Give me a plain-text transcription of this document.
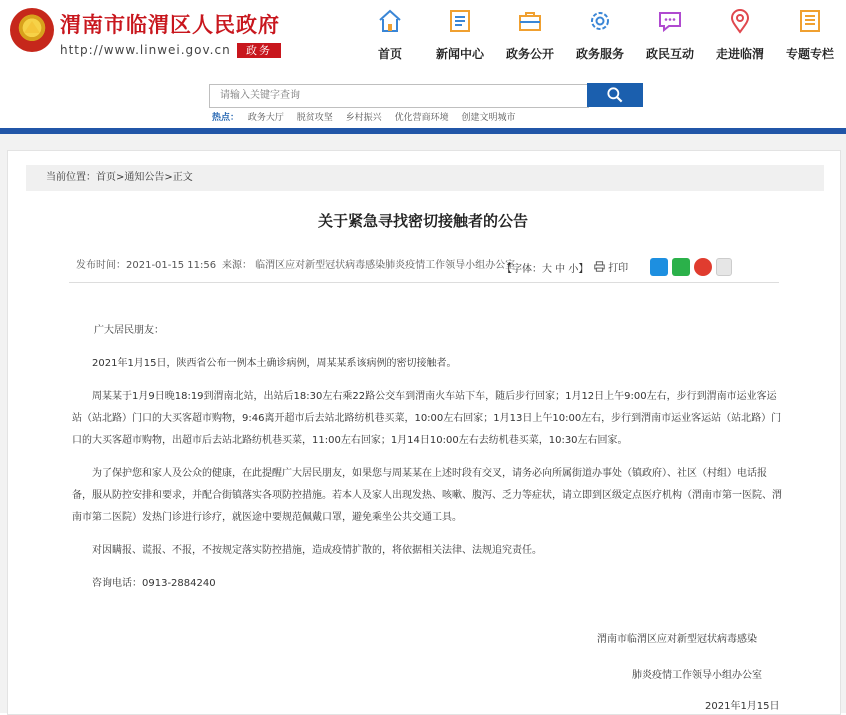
渭南市临渭区人民政府
http://www.linwei.gov.cn	政务	首页	新闻中心	政务公开	政务服务	政民互动	走进临渭	专题专栏
请输入关键字查询
热点： 政务大厅 脱贫攻坚 乡村振兴 优化营商环境 创建文明城市
当前位置：首页>通知公告>正文
关于紧急寻找密切接触者的公告
发布时间：2021-01-15 11:56 来源： 临渭区应对新型冠状病毒感染肺炎疫情工作领导小组办公室
【字体：大 中 小】	打印

广大居民朋友：

　　2021年1月15日，陕西省公布一例本土确诊病例，周某某系该病例的密切接触者。

　　周某某于1月9日晚18:19到渭南北站，出站后18:30左右乘22路公交车到渭南火车站下车，随后步行回家；1月12日上午9:00左右，步行到渭南市运业客运站（站北路）门口的大买客超市购物，9:46离开超市后去站北路纺机巷买菜，10:00左右回家；1月13日上午10:00左右，步行到渭南市运业客运站（站北路）门口的大买客超市购物，出超市后去站北路纺机巷买菜，11:00左右回家；1月14日10:00左右去纺机巷买菜，10:30左右回家。

　　为了保护您和家人及公众的健康，在此提醒广大居民朋友，如果您与周某某在上述时段有交叉，请务必向所属街道办事处（镇政府）、社区（村组）电话报备，服从防控安排和要求，并配合街镇落实各项防控措施。若本人及家人出现发热、咳嗽、腹泻、乏力等症状，请立即到区级定点医疗机构（渭南市第一医院、渭南市第二医院）发热门诊进行诊疗，就医途中要规范佩戴口罩，避免乘坐公共交通工具。

　　对因瞒报、谎报、不报，不按规定落实防控措施，造成疫情扩散的，将依据相关法律、法规追究责任。

　　咨询电话：0913-2884240

渭南市临渭区应对新型冠状病毒感染
肺炎疫情工作领导小组办公室
2021年1月15日
